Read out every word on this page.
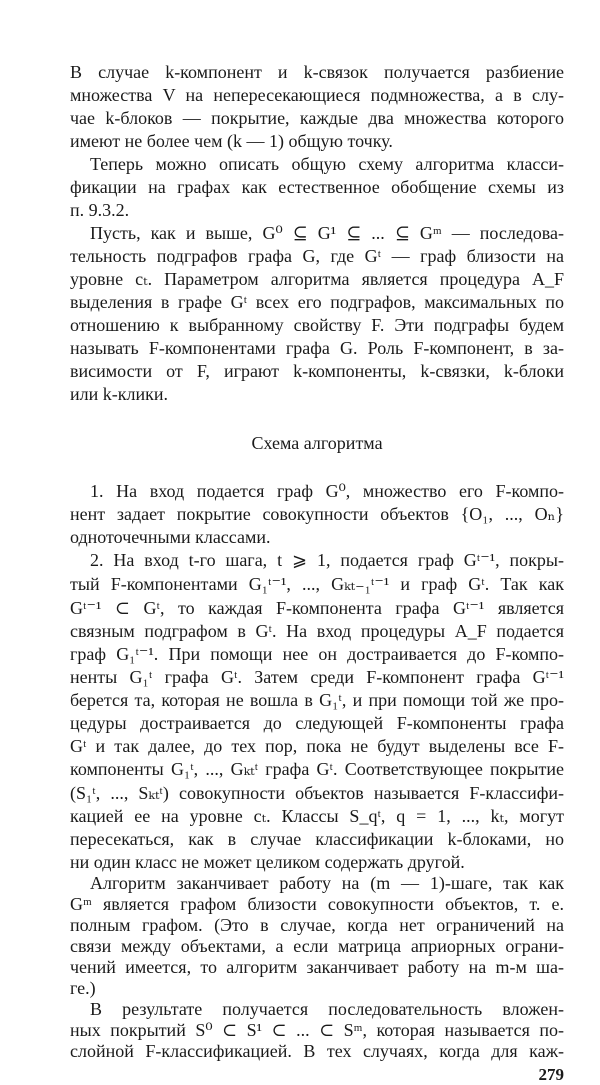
В случае k-компонент и k-связок получается разбиение
множества V на непересекающиеся подмножества, а в слу-
чае k-блоков — покрытие, каждые два множества которого
имеют не более чем (k — 1) общую точку.
Теперь можно описать общую схему алгоритма класси-
фикации на графах как естественное обобщение схемы из
п. 9.3.2.
Пусть, как и выше, G⁰ ⊆ G¹ ⊆ ... ⊆ Gᵐ — последова-
тельность подграфов графа G, где Gᵗ — граф близости на
уровне cₜ. Параметром алгоритма является процедура A_F
выделения в графе Gᵗ всех его подграфов, максимальных по
отношению к выбранному свойству F. Эти подграфы будем
называть F-компонентами графа G. Роль F-компонент, в за-
висимости от F, играют k-компоненты, k-связки, k-блоки
или k-клики.
Схема алгоритма
1. На вход подается граф G⁰, множество его F-компо-
нент задает покрытие совокупности объектов {O₁, ..., Oₙ}
одноточечными классами.
2. На вход t-го шага, t ⩾ 1, подается граф Gᵗ⁻¹, покры-
тый F-компонентами G₁ᵗ⁻¹, ..., Gₖₜ₋₁ᵗ⁻¹ и граф Gᵗ. Так как
Gᵗ⁻¹ ⊂ Gᵗ, то каждая F-компонента графа Gᵗ⁻¹ является
связным подграфом в Gᵗ. На вход процедуры A_F подается
граф G₁ᵗ⁻¹. При помощи нее он достраивается до F-компо-
ненты G₁ᵗ графа Gᵗ. Затем среди F-компонент графа Gᵗ⁻¹
берется та, которая не вошла в G₁ᵗ, и при помощи той же про-
цедуры достраивается до следующей F-компоненты графа
Gᵗ и так далее, до тех пор, пока не будут выделены все F-
компоненты G₁ᵗ, ..., Gₖₜᵗ графа Gᵗ. Соответствующее покрытие
(S₁ᵗ, ..., Sₖₜᵗ) совокупности объектов называется F-классифи-
кацией ее на уровне cₜ. Классы S_qᵗ, q = 1, ..., kₜ, могут
пересекаться, как в случае классификации k-блоками, но
ни один класс не может целиком содержать другой.
Алгоритм заканчивает работу на (m — 1)-шаге, так как
Gᵐ является графом близости совокупности объектов, т. е.
полным графом. (Это в случае, когда нет ограничений на
связи между объектами, а если матрица априорных ограни-
чений имеется, то алгоритм заканчивает работу на m-м ша-
ге.)
В результате получается последовательность вложен-
ных покрытий S⁰ ⊂ S¹ ⊂ ... ⊂ Sᵐ, которая называется по-
слойной F-классификацией. В тех случаях, когда для каж-
279
